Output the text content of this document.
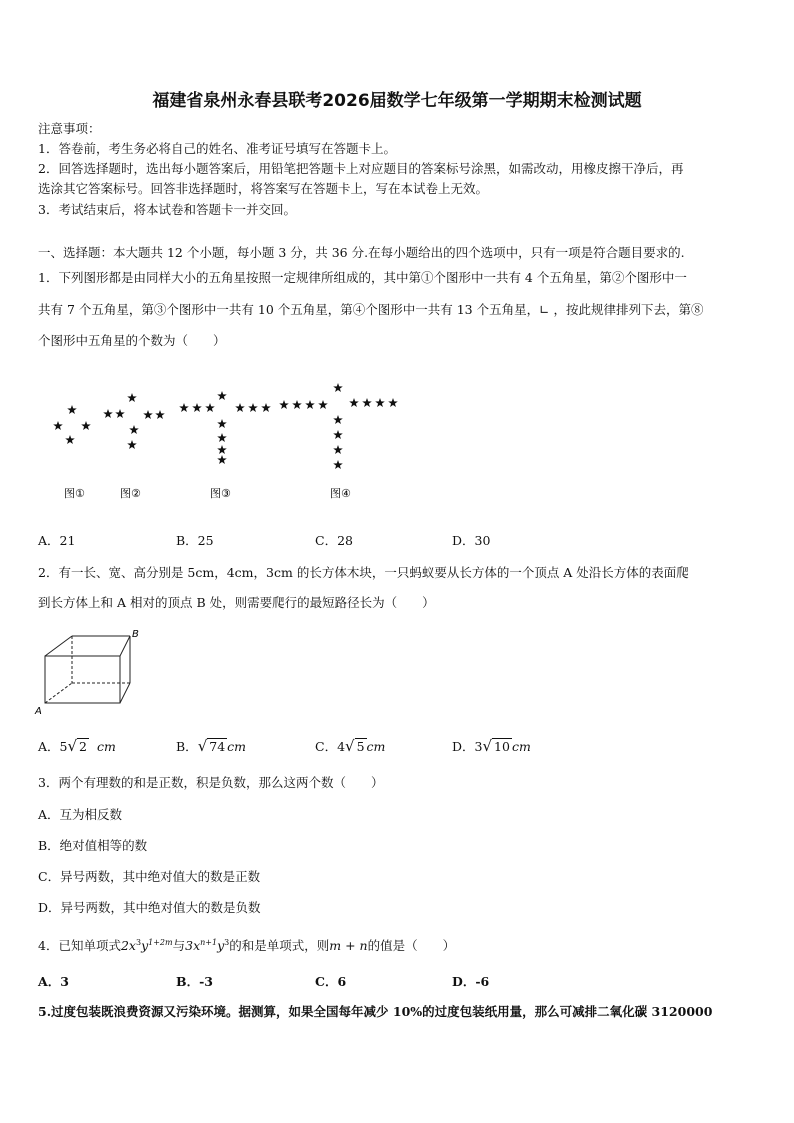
福建省泉州永春县联考2026届数学七年级第一学期期末检测试题
注意事项：
1．答卷前，考生务必将自己的姓名、准考证号填写在答题卡上。
2．回答选择题时，选出每小题答案后，用铅笔把答题卡上对应题目的答案标号涂黑，如需改动，用橡皮擦干净后，再
选涂其它答案标号。回答非选择题时，将答案写在答题卡上，写在本试卷上无效。
3．考试结束后，将本试卷和答题卡一并交回。
一、选择题：本大题共 12 个小题，每小题 3 分，共 36 分.在每小题给出的四个选项中，只有一项是符合题目要求的.
1．下列图形都是由同样大小的五角星按照一定规律所组成的，其中第①个图形中一共有 4 个五角星，第②个图形中一
共有 7 个五角星，第③个图形中一共有 10 个五角星，第④个图形中一共有 13 个五角星，∟ ，按此规律排列下去，第⑧
个图形中五角星的个数为（　　）
图①	图②	图③	图④
A．21	B．25	C．28	D．30
2．有一长、宽、高分别是 5cm，4cm，3cm 的长方体木块，一只蚂蚁要从长方体的一个顶点 A 处沿长方体的表面爬
到长方体上和 A 相对的顶点 B 处，则需要爬行的最短路径长为（　　）
A
B
A．5√ 2 cm	B．√ 74 cm	C．4√ 5 cm	D．3√ 10 cm
3．两个有理数的和是正数，积是负数，那么这两个数（　　）
A．互为相反数
B．绝对值相等的数
C．异号两数，其中绝对值大的数是正数
D．异号两数，其中绝对值大的数是负数
4．已知单项式$2x^3y^{1+2m}$与$3x^{n+1}y^3$的和是单项式，则m + n的值是（　　）
A．3	B．-3	C．6	D．-6
5.过度包装既浪费资源又污染环境。据测算，如果全国每年减少 10%的过度包装纸用量，那么可减排二氧化碳 3120000
